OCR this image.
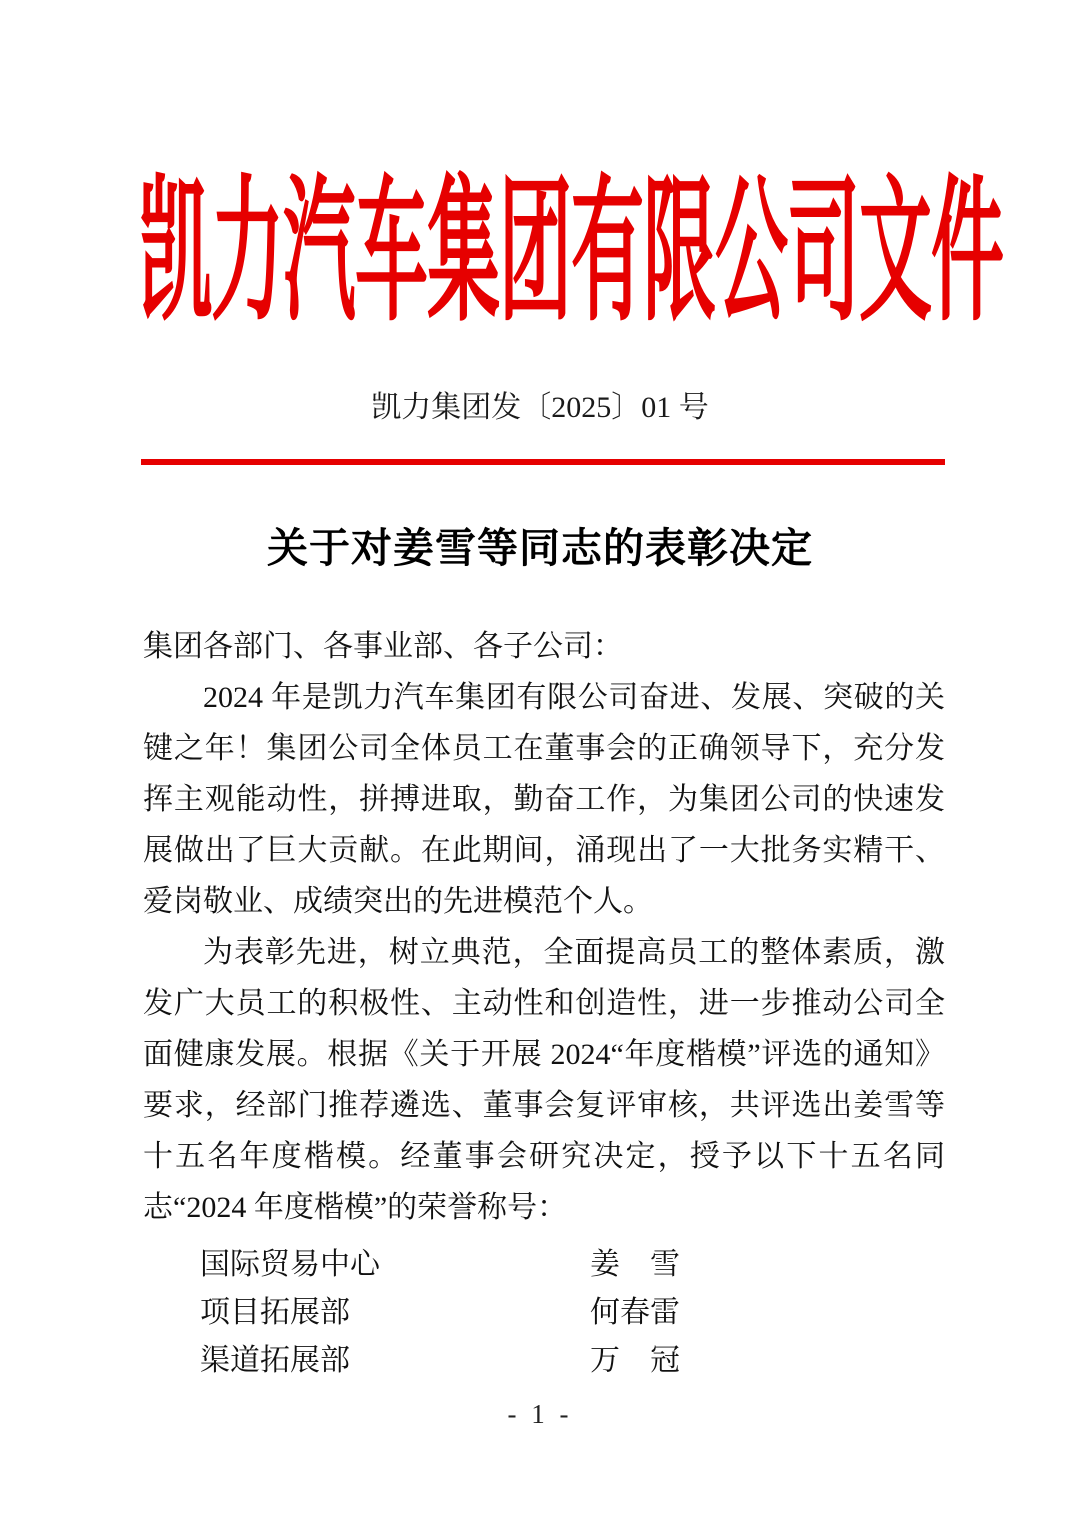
凯力汽车集团有限公司文件
凯力集团发〔2025〕01 号
关于对姜雪等同志的表彰决定

集团各部门、各事业部、各子公司：

2024 年是凯力汽车集团有限公司奋进、发展、突破的关键之年！集团公司全体员工在董事会的正确领导下，充分发挥主观能动性，拼搏进取，勤奋工作，为集团公司的快速发展做出了巨大贡献。在此期间，涌现出了一大批务实精干、爱岗敬业、成绩突出的先进模范个人。

为表彰先进，树立典范，全面提高员工的整体素质，激发广大员工的积极性、主动性和创造性，进一步推动公司全面健康发展。根据《关于开展 2024“年度楷模”评选的通知》要求，经部门推荐遴选、董事会复评审核，共评选出姜雪等十五名年度楷模。经董事会研究决定，授予以下十五名同志“2024 年度楷模”的荣誉称号：

国际贸易中心	姜　雪
项目拓展部	何春雷
渠道拓展部	万　冠
- 1 -
